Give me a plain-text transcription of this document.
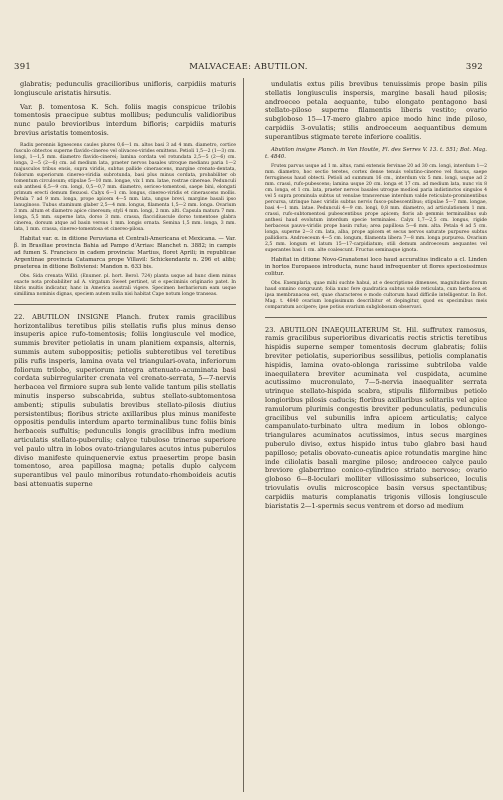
391	MALVACEAE: ABUTILON.	392

glabratis; pedunculis gracilioribus unifloris, carpidiis maturis longiuscule aristatis hirsutis.

Var. β. tomentosa K. Sch. foliis magis conspicue trilobis tomentosis praecipue subtus mollibus; pedunculis validioribus nunc paulo brevioribus interdum bifloris; carpidiis maturis brevius aristatis tomentosis.

Radix perennis lignescens caules plures 0,6—1 m. altos basi 3 ad 4 mm. diametro, cortice fusculo obtectos superne flavido-cinereo vel olivaceo-virides emittens. Petioli 1,5—2 (1—3) cm. longi, 1—1,5 mm. diametro flavido-cinerei; lamina cordata vel rotundata 2,5—5 (2—6) cm. longa, 2—5 (2—6) cm. ad medium lata, praeter nervos basales utroque medianu paria 1—2 majusculos tribus ensis, supra viridis, subtus pallide cinerascens, margine crenato-dentata, foliorum superiorum cinereo-viridia subrotunda, basi plus minus cordata, probabiliter ob tomentum circulosum; stipulae 5—10 mm. longae, vix 1 mm. latae, rostrae cinereae. Pedunculi sub anthesi 6,5—9 cm. longi, 0,5—0,7 mm. diametro, sericeo-tomentosi, saepe bini, elongati primum erecti demum flexuosi. Calyx 6—1 cm. longus, cinereo-viridis et cinerascens mollis. Petala 7 ad 9 mm. longa, prope apicem 4—5 mm. lata, ungue brevi, margine basali ipso lanuginoso. Tubus staminum glaber 2,5—4 mm. longus, filamenta 1,5—2 mm. longa. Ovarium 3 mm. altum et diametro apice cinereum; styli 4 mm. longi, 2 mm. alti. Capsula matura 7 mm. longa, 5,5 mm. superne lata, dorso 3 mm. crassa, flaccidiuscule dorso tomentose glabra cinerea, dorsum atque ad basin versus 1 mm. longis ornata. Semina 1,5 mm. longa, 3 mm. lata, 1 mm. crassa, cinereo-tomentosa et cinereo-pilosa.

Habitat var. α. in ditione Peruviana et Centrali-Americana et Mexicana. — Var. β. in Brasiliae provincia Bahia ad Pampo d'Arrias: Blanchet n. 3882; in campis ad fumen S. Francisco in cadem provincia: Martius, floret Aprili; in republicae Argentinae provincia Catamarca prope Villavil: Schickendantz n. 296 et alibi; praeterea in ditione Boliviensi: Mandon n. 633 bis.

Obs. Sida crenata Willd. (Enumer. pl. hort. Berol. 724) planta usque ad hunc diem minus exacte nota probabiliter ad A. virgatum Sweet pertinet, ut e speciminis originario patet. In libris multis indicatur, hanc in America australi vigere. Specimen herbariorum eam usque simillima nominis dignas, speciem autem nulla nisi habitat Cape notum longe transeas.

22. ABUTILON INSIGNE Planch. frutex ramis gracilibus horizontalibus teretibus pilis stellatis rufis plus minus denso insuperis apice rufo-tomentosis; foliis longiuscule vel modice, summis breviter petiolatis in unam planitiem expansis, alternis, summis autem suboppositis; petiolis subteretibus vel teretibus pilis rufis insperis, lamina ovata vel triangulari-ovata, inferiorum foliorum trilobo, superiorum integra attenuato-acuminata basi cordata subirregulariter crenata vel crenato-serrata, 5—7-nervis herbacea vel firmiore supra sub lente valide tantum pilis stellatis minutis insperso subscabrida, subtus stellato-subtomentosa ambenti; stipulis subulatis brevibus stellato-pilosis diutius persistentibus; floribus stricte axillaribus plus minus manifeste oppositis pendulis interdum aparto terminalibus tunc foliis binis herbaceis suffultis; pedunculis longis gracilibus infra medium articulatis stellato-puberulis; calyce tubuloso trinerae superiore vel paulo ultra in lobos ovato-triangulares acutos intus puberulos diviso manifeste quinquenervie extus praesertim prope basin tomentoso, area papillosa magna; petalis duplo calycem superantibus vel paulo minoribus rotundato-rhomboideis acutis basi attenuatis superne

undulatis extus pilis brevibus tenuissimis prope basin pilis stellatis longiusculis inspersis, margine basali haud pilosis; androeceo petala aequante, tubo elongato pentagono basi stellato-piloso superne filamentis liberis vestito; ovario subgloboso 15—17-mero glabro apice modo hinc inde piloso, carpidiis 3-ovulatis; stilis androeceum aequantibus demum superantibus stigmate terete inferiore coalitis.

Abutilon insigne Planch. in Van Houtte, Fl. des Serres V. 13. t. 551; Bot. Mag. t. 4840.

Frutex parvus usque ad 1 m. altus, rami extensis fervinae 20 ad 30 cm. longi, interdum 1—2 mm. diametro, hoc sectio teretes, cortex dense tenuis velutino-cinereo vel fuscus, saepe ferrugineus haud obtecti. Petioli ad summum 16 cm., interdum vix 5 mm. longi, usque ad 2 mm. crassi, rufo-pubescens; lamina usque 20 cm. longa et 17 cm. ad medium lata, nunc vix 8 cm. longa, et 1 cm. lata, praeter nervos basales utroque modiosi paria indistinctos singulos 4 vel 5 supra prominula subtus ut venulae transversae interdum valde reticulato-prominentibus percursa, utrinque haec viridis subtus nervis fusco-pubescentibus; stipulae 5—7 mm. longae, basi 4—1 mm. latae. Pedunculi 4—9 cm. longi, 0,8 mm. diametro, ad articulationem 1 mm. crassi, rufo-subtomentosi pubescentibus prope apicem; floris ab gemmis terminalibus sub anthesi haud evolutum interdum specie terminales. Calyx 1,7—2,5 cm. longus, rigide herbaceus pauvo-viridis prope basin rufus; area papillosa 5—6 mm. alta. Petala 4 ad 5 cm. longa, superne 2—3 cm. lata, alba, prope apicem et secus nervos saturate purpureo subtus pallidiora. Androeceum 4—5 cm. longum, filamenta libera 7—8 mm. longa purpurea. Ovarium 2,5 mm. longum et latum 15—17-carpidiatum; stili demum androeceum aequantes vel superantes basi 1 cm. alte coalescunt. Fructus seminaque ignota.

Habitat in ditione Novo-Granatensi loco haud accuratius indicato a cl. Linden in hortos Europaeos introducta, nunc haud infrequenter ut flores speciosissimus colitur.

Obs. Exemplaria, quae mihi suchte habui, at e descriptione dimenses, magnitudine florum haud omnino congruunt; folia nunc fere quadratica subtus valde reticulata, cum herbacea et ipsa membranacea est, quae characteres e modo cultorum haud difficile intelligentur. In Bot. Mag. t. 4840 ovarium longissimum describitur et depingitur, quod ex specimibus meis comparatum accipere; ipse potius ovarium subglobosum observavi.

23. ABUTILON INAEQUILATERUM St. Hil. suffrutex ramosus, ramis gracilibus superioribus divaricatis rectis strictis teretibus hispidis superne semper tomentosis decrum glabratis; foliis breviter petiolatis, superioribus sessilibus, petiolis complanatis hispidis, lamina ovato-oblonga rarissime subtriloba valde inaequilatera breviter acuminata vel cuspidata, acumine acutissimo mucronulato, 7—5-nervia inaequaliter serrata utrinque stellato-hispida scabra, stipulis filiformibus petiolo longioribus pilosis caducis; floribus axillaribus solitariis vel apice ramulorum plurimis congestis breviter pedunculatis, pedunculis gracilibus vel subunilis infra apicem articulatis; calyce campanulato-turbinato ultra medium in lobos oblongo-triangulares acuminatos acutissimos, intus secus margines puberulo diviso, extus hispido intus tubo glabro basi haud papilloso; petalis obovato-cuneatis apice rotundatis margine hinc inde ciliolatis basali margine piloso; androeceo calyce paulo breviore glaberrimo conico-cylindrico striato nervoso; ovario globoso 6—8-loculari molliter villosissimo subsericeo, loculis triovulatis ovulis microscopice basin versus spectantibus; carpidiis maturis complanatis trigonis villosis longiuscule biaristatis 2—1-spermis secus ventrem et dorso ad medium
